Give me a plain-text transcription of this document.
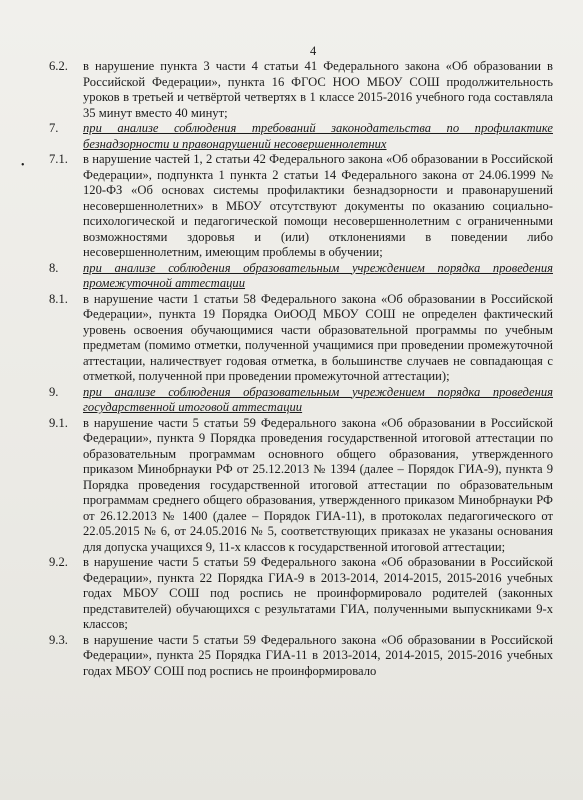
4
•

6.2. в нарушение пункта 3 части 4 статьи 41 Федерального закона «Об образовании в Российской Федерации», пункта 16 ФГОС НОО МБОУ СОШ продолжительность уроков в третьей и четвёртой четвертях в 1 классе 2015-2016 учебного года составляла 35 минут вместо 40 минут;

7. при анализе соблюдения требований законодательства по профилактике безнадзорности и правонарушений несовершеннолетних

7.1. в нарушение частей 1, 2 статьи 42 Федерального закона «Об образовании в Российской Федерации», подпункта 1 пункта 2 статьи 14 Федерального закона от 24.06.1999 № 120-ФЗ «Об основах системы профилактики безнадзорности и правонарушений несовершеннолетних» в МБОУ отсутствуют документы по оказанию социально-психологической и педагогической помощи несовершеннолетним с ограниченными возможностями здоровья и (или) отклонениями в поведении либо несовершеннолетним, имеющим проблемы в обучении;

8. при анализе соблюдения образовательным учреждением порядка проведения промежуточной аттестации

8.1. в нарушение части 1 статьи 58 Федерального закона «Об образовании в Российской Федерации», пункта 19 Порядка ОиООД МБОУ СОШ не определен фактический уровень освоения обучающимися части образовательной программы по учебным предметам (помимо отметки, полученной учащимися при проведении промежуточной аттестации, наличествует годовая отметка, в большинстве случаев не совпадающая с отметкой, полученной при проведении промежуточной аттестации);

9. при анализе соблюдения образовательным учреждением порядка проведения государственной итоговой аттестации

9.1. в нарушение части 5 статьи 59 Федерального закона «Об образовании в Российской Федерации», пункта 9 Порядка проведения государственной итоговой аттестации по образовательным программам основного общего образования, утвержденного приказом Минобрнауки РФ от 25.12.2013 № 1394 (далее – Порядок ГИА-9), пункта 9 Порядка проведения государственной итоговой аттестации по образовательным программам среднего общего образования, утвержденного приказом Минобрнауки РФ от 26.12.2013 № 1400 (далее – Порядок ГИА-11), в протоколах педагогического от 22.05.2015 № 6, от 24.05.2016 № 5, соответствующих приказах не указаны основания для допуска учащихся 9, 11-х классов к государственной итоговой аттестации;

9.2. в нарушение части 5 статьи 59 Федерального закона «Об образовании в Российской Федерации», пункта 22 Порядка ГИА-9 в 2013-2014, 2014-2015, 2015-2016 учебных годах МБОУ СОШ под роспись не проинформировало родителей (законных представителей) обучающихся с результатами ГИА, полученными выпускниками 9-х классов;

9.3. в нарушение части 5 статьи 59 Федерального закона «Об образовании в Российской Федерации», пункта 25 Порядка ГИА-11 в 2013-2014, 2014-2015, 2015-2016 учебных годах МБОУ СОШ под роспись не проинформировало
